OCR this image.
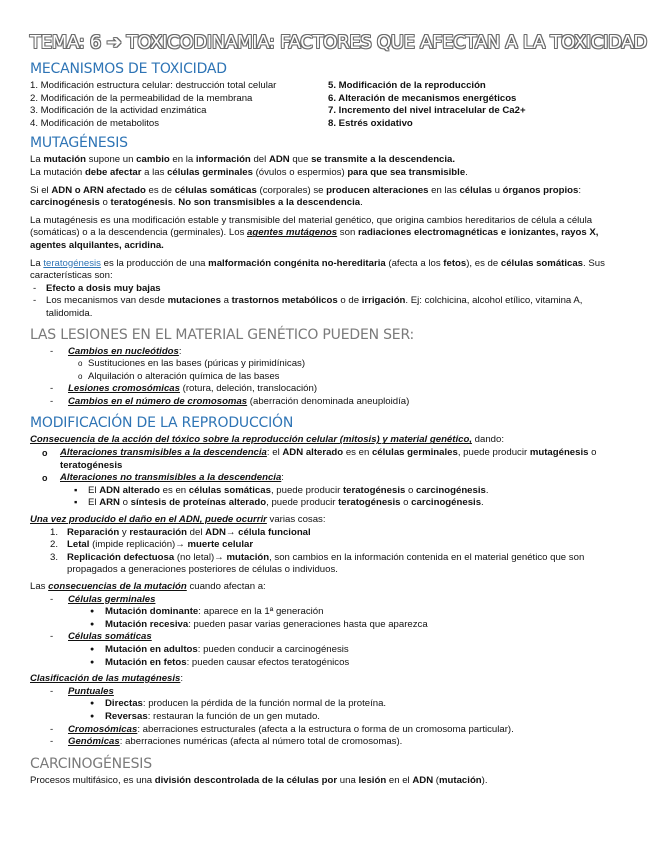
TEMA: 6 ➔ TOXICODINAMIA: FACTORES QUE AFECTAN A LA TOXICIDAD
MECANISMOS DE TOXICIDAD
1. Modificación estructura celular: destrucción total celular
2. Modificación de la permeabilidad de la membrana
3. Modificación de la actividad enzimática
4. Modificación de metabolitos
5. Modificación de la reproducción
6. Alteración de mecanismos energéticos
7. Incremento del nivel intracelular de Ca2+
8. Estrés oxidativo
MUTAGÉNESIS
La mutación supone un cambio en la información del ADN que se transmite a la descendencia.

La mutación debe afectar a las células germinales (óvulos o espermios) para que sea transmisible.

Si el ADN o ARN afectado es de células somáticas (corporales) se producen alteraciones en las células u órganos propios: carcinogénesis o teratogénesis. No son transmisibles a la descendencia.

La mutagénesis es una modificación estable y transmisible del material genético, que origina cambios hereditarios de célula a célula (somáticas) o a la descendencia (germinales). Los agentes mutágenos son radiaciones electromagnéticas e ionizantes, rayos X, agentes alquilantes, acridina.

La teratogénesis es la producción de una malformación congénita no-hereditaria (afecta a los fetos), es de células somáticas. Sus características son:
- Efecto a dosis muy bajas
- Los mecanismos van desde mutaciones a trastornos metabólicos o de irrigación. Ej: colchicina, alcohol etílico, vitamina A, talidomida.
LAS LESIONES EN EL MATERIAL GENÉTICO PUEDEN SER:
- Cambios en nucleótidos:
o Sustituciones en las bases (púricas y pirimidínicas)
o Alquilación o alteración química de las bases
- Lesiones cromosómicas (rotura, deleción, translocación)
- Cambios en el número de cromosomas (aberración denominada aneuploidía)
MODIFICACIÓN DE LA REPRODUCCIÓN
Consecuencia de la acción del tóxico sobre la reproducción celular (mitosis) y material genético, dando:
o Alteraciones transmisibles a la descendencia: el ADN alterado es en células germinales, puede producir mutagénesis o teratogénesis
o Alteraciones no transmisibles a la descendencia:
▪ El ADN alterado es en células somáticas, puede producir teratogénesis o carcinogénesis.
▪ El ARN o síntesis de proteínas alterado, puede producir teratogénesis o carcinogénesis.
Una vez producido el daño en el ADN, puede ocurrir varias cosas:
1. Reparación y restauración del ADN→ célula funcional
2. Letal (impide replicación)→ muerte celular
3. Replicación defectuosa (no letal)→ mutación, son cambios en la información contenida en el material genético que son propagados a generaciones posteriores de células o individuos.
Las consecuencias de la mutación cuando afectan a:
- Células germinales
● Mutación dominante: aparece en la 1ª generación
● Mutación recesiva: pueden pasar varias generaciones hasta que aparezca
- Células somáticas
● Mutación en adultos: pueden conducir a carcinogénesis
● Mutación en fetos: pueden causar efectos teratogénicos
Clasificación de las mutagénesis:
- Puntuales
● Directas: producen la pérdida de la función normal de la proteína.
● Reversas: restauran la función de un gen mutado.
- Cromosómicas: aberraciones estructurales (afecta a la estructura o forma de un cromosoma particular).
- Genómicas: aberraciones numéricas (afecta al número total de cromosomas).
CARCINOGÉNESIS
Procesos multifásico, es una división descontrolada de la células por una lesión en el ADN (mutación).
